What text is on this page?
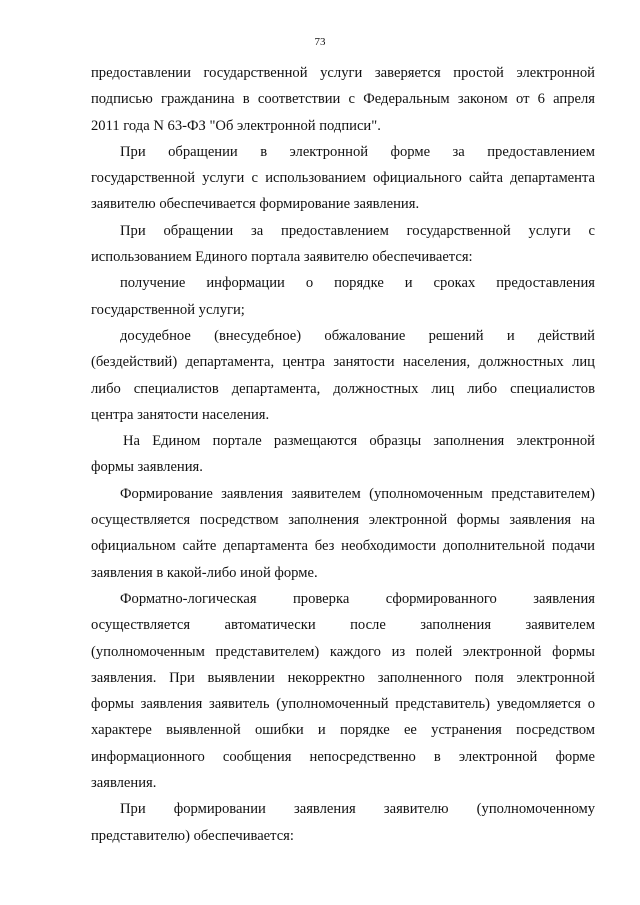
73

предоставлении государственной услуги заверяется простой электронной
подписью гражданина в соответствии с Федеральным законом от 6 апреля
2011 года N 63-ФЗ "Об электронной подписи".

При обращении в электронной форме за предоставлением
государственной услуги с использованием официального сайта департамента
заявителю обеспечивается формирование заявления.

При обращении за предоставлением государственной услуги с
использованием Единого портала заявителю обеспечивается:

получение информации о порядке и сроках предоставления
государственной услуги;

досудебное (внесудебное) обжалование решений и действий
(бездействий) департамента, центра занятости населения, должностных лиц
либо специалистов департамента, должностных лиц либо специалистов
центра занятости населения.

На Едином портале размещаются образцы заполнения электронной
формы заявления.

Формирование заявления заявителем (уполномоченным представителем)
осуществляется посредством заполнения электронной формы заявления на
официальном сайте департамента без необходимости дополнительной подачи
заявления в какой-либо иной форме.

Форматно-логическая проверка сформированного заявления
осуществляется автоматически после заполнения заявителем
(уполномоченным представителем) каждого из полей электронной формы
заявления. При выявлении некорректно заполненного поля электронной
формы заявления заявитель (уполномоченный представитель) уведомляется о
характере выявленной ошибки и порядке ее устранения посредством
информационного сообщения непосредственно в электронной форме
заявления.

При формировании заявления заявителю (уполномоченному
представителю) обеспечивается:
